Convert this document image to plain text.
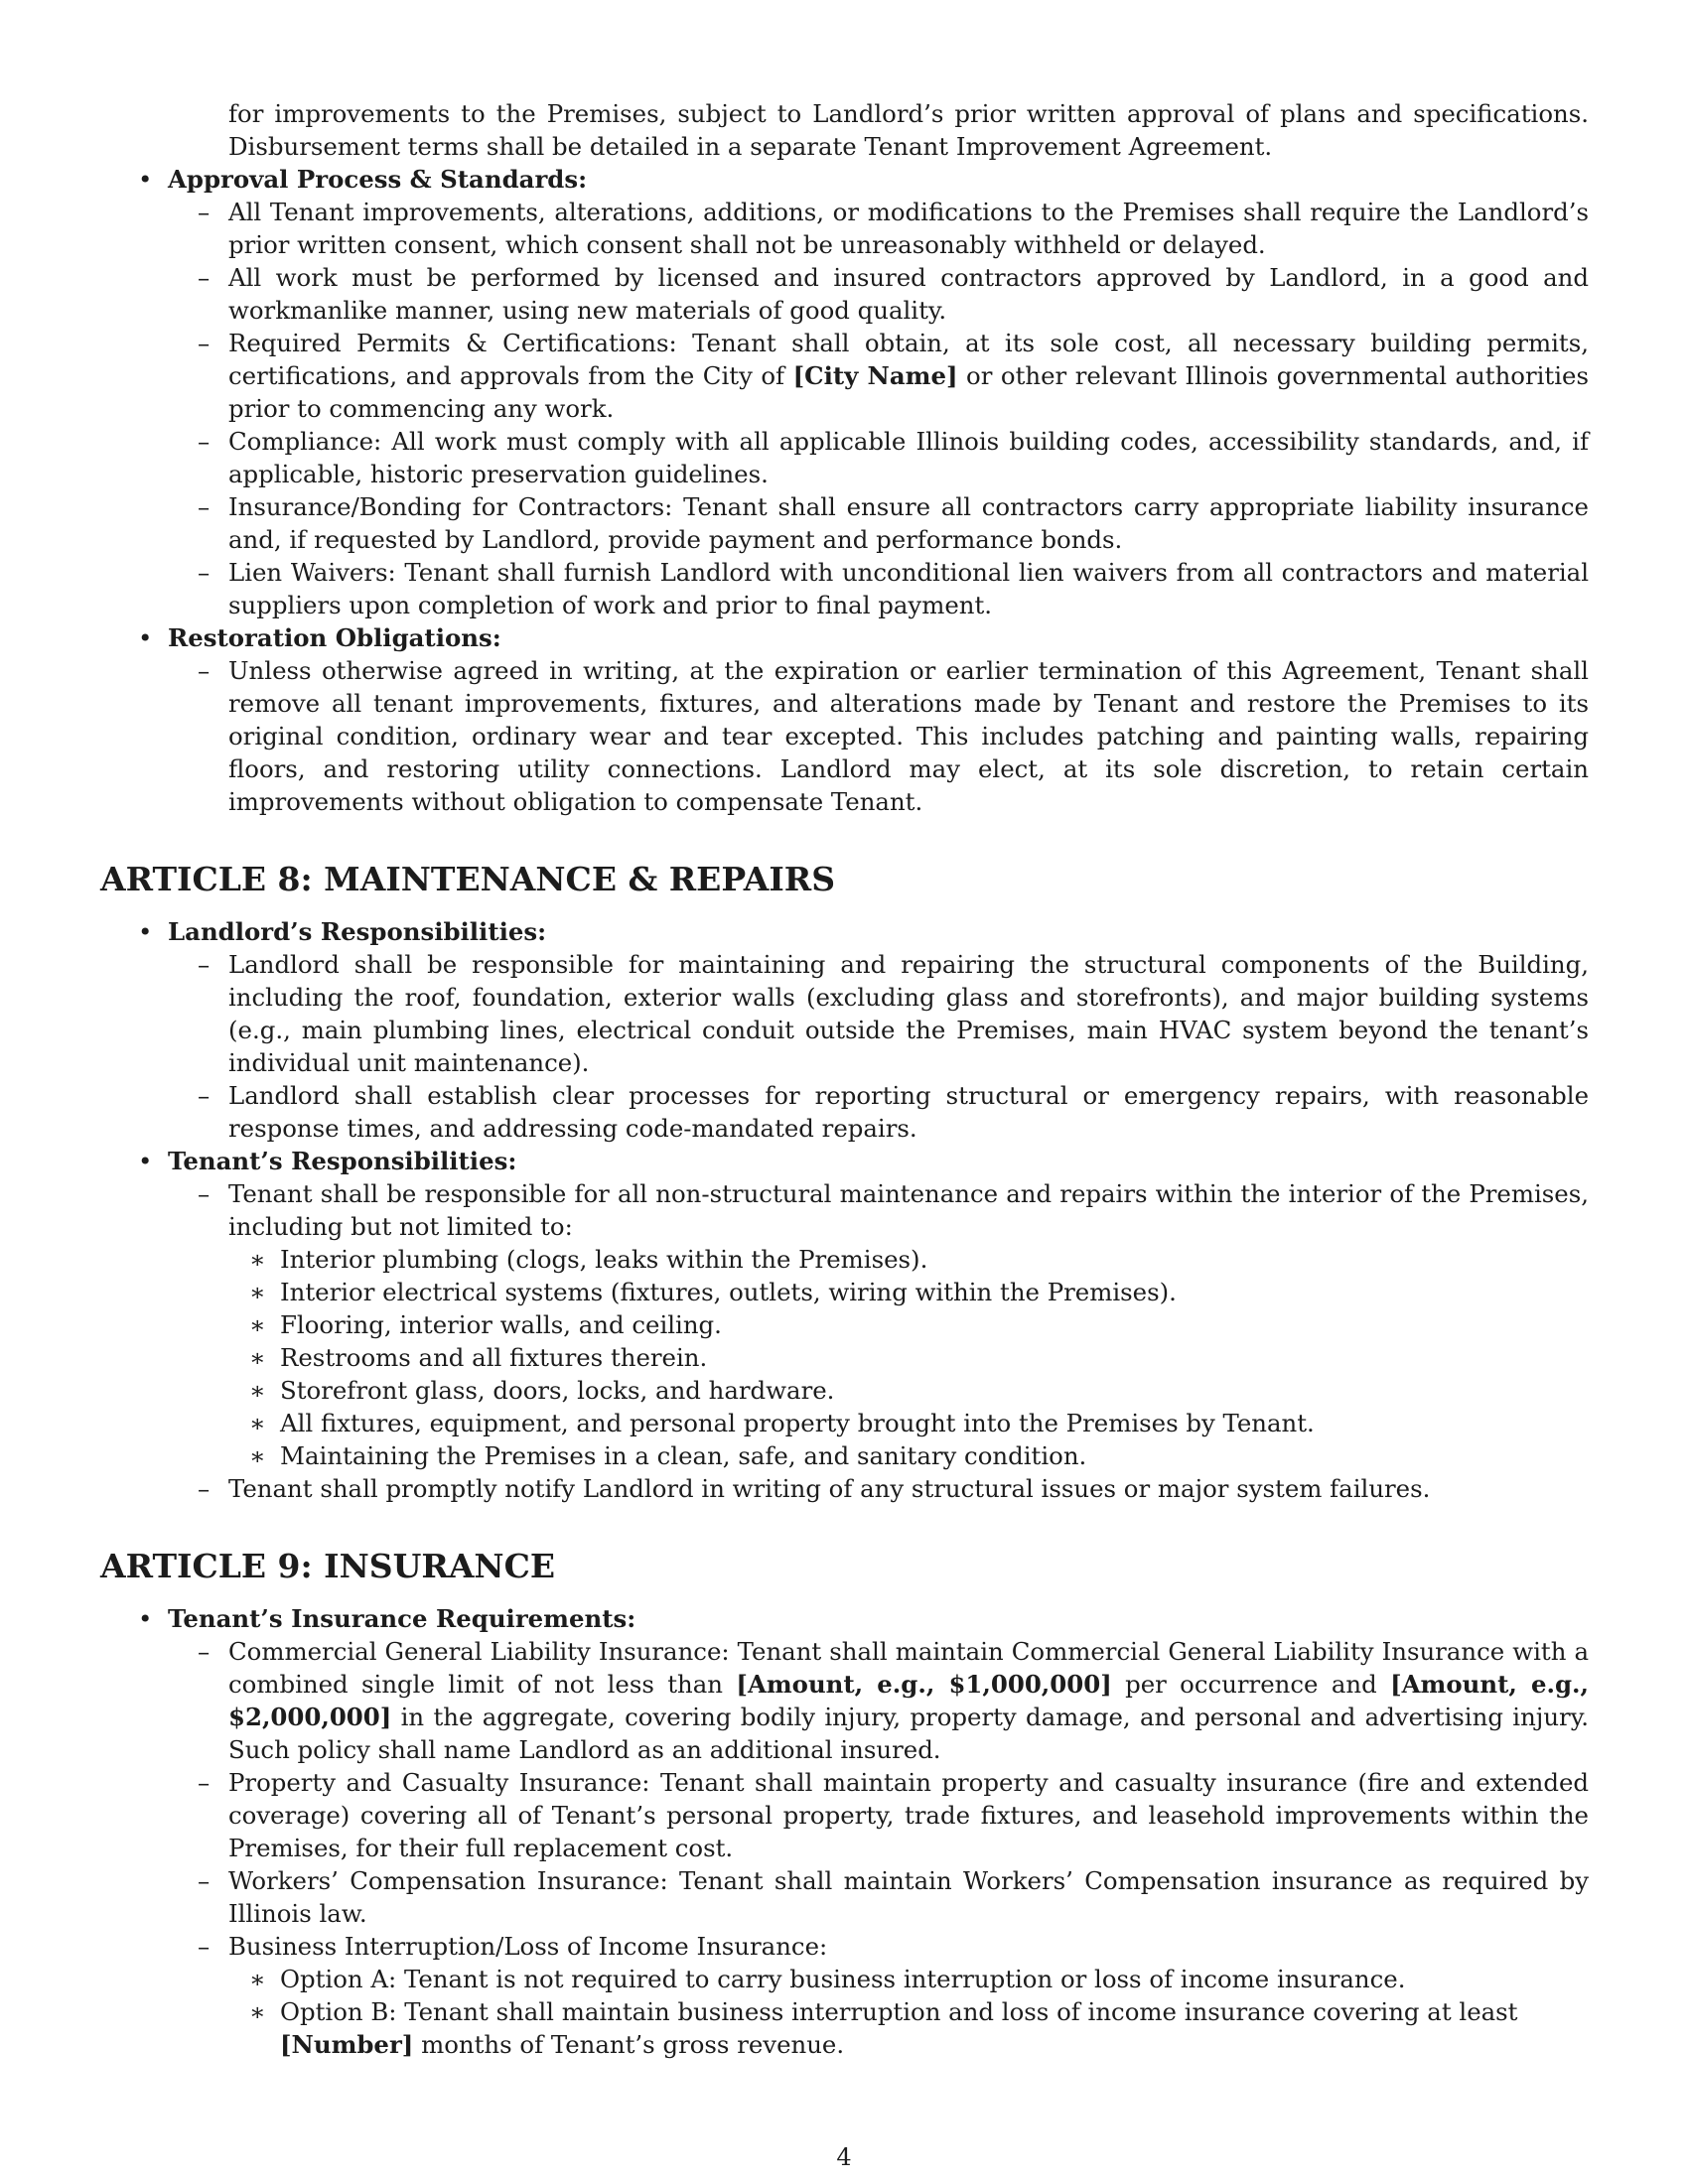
for improvements to the Premises, subject to Landlord’s prior written approval of plans and specifications. Disbursement terms shall be detailed in a separate Tenant Improvement Agreement.

• Approval Process & Standards:
– All Tenant improvements, alterations, additions, or modifications to the Premises shall require the Landlord’s prior written consent, which consent shall not be unreasonably withheld or delayed.
– All work must be performed by licensed and insured contractors approved by Landlord, in a good and workmanlike manner, using new materials of good quality.
– Required Permits & Certifications: Tenant shall obtain, at its sole cost, all necessary building permits, certifications, and approvals from the City of [City Name] or other relevant Illinois governmental authorities prior to commencing any work.
– Compliance: All work must comply with all applicable Illinois building codes, accessibility standards, and, if applicable, historic preservation guidelines.
– Insurance/Bonding for Contractors: Tenant shall ensure all contractors carry appropriate liability insurance and, if requested by Landlord, provide payment and performance bonds.
– Lien Waivers: Tenant shall furnish Landlord with unconditional lien waivers from all contractors and material suppliers upon completion of work and prior to final payment.
• Restoration Obligations:
– Unless otherwise agreed in writing, at the expiration or earlier termination of this Agreement, Tenant shall remove all tenant improvements, fixtures, and alterations made by Tenant and restore the Premises to its original condition, ordinary wear and tear excepted. This includes patching and painting walls, repairing floors, and restoring utility connections. Landlord may elect, at its sole discretion, to retain certain improvements without obligation to compensate Tenant.
ARTICLE 8: MAINTENANCE & REPAIRS
• Landlord’s Responsibilities:
– Landlord shall be responsible for maintaining and repairing the structural components of the Building, including the roof, foundation, exterior walls (excluding glass and storefronts), and major building systems (e.g., main plumbing lines, electrical conduit outside the Premises, main HVAC system beyond the tenant’s individual unit maintenance).
– Landlord shall establish clear processes for reporting structural or emergency repairs, with reasonable response times, and addressing code-mandated repairs.
• Tenant’s Responsibilities:
– Tenant shall be responsible for all non-structural maintenance and repairs within the interior of the Premises, including but not limited to:
∗ Interior plumbing (clogs, leaks within the Premises).
∗ Interior electrical systems (fixtures, outlets, wiring within the Premises).
∗ Flooring, interior walls, and ceiling.
∗ Restrooms and all fixtures therein.
∗ Storefront glass, doors, locks, and hardware.
∗ All fixtures, equipment, and personal property brought into the Premises by Tenant.
∗ Maintaining the Premises in a clean, safe, and sanitary condition.
– Tenant shall promptly notify Landlord in writing of any structural issues or major system failures.
ARTICLE 9: INSURANCE
• Tenant’s Insurance Requirements:
– Commercial General Liability Insurance: Tenant shall maintain Commercial General Liability Insurance with a combined single limit of not less than [Amount, e.g., $1,000,000] per occurrence and [Amount, e.g., $2,000,000] in the aggregate, covering bodily injury, property damage, and personal and advertising injury. Such policy shall name Landlord as an additional insured.
– Property and Casualty Insurance: Tenant shall maintain property and casualty insurance (fire and extended coverage) covering all of Tenant’s personal property, trade fixtures, and leasehold improvements within the Premises, for their full replacement cost.
– Workers’ Compensation Insurance: Tenant shall maintain Workers’ Compensation insurance as required by Illinois law.
– Business Interruption/Loss of Income Insurance:
∗ Option A: Tenant is not required to carry business interruption or loss of income insurance.
∗ Option B: Tenant shall maintain business interruption and loss of income insurance covering at least [Number] months of Tenant’s gross revenue.
4
